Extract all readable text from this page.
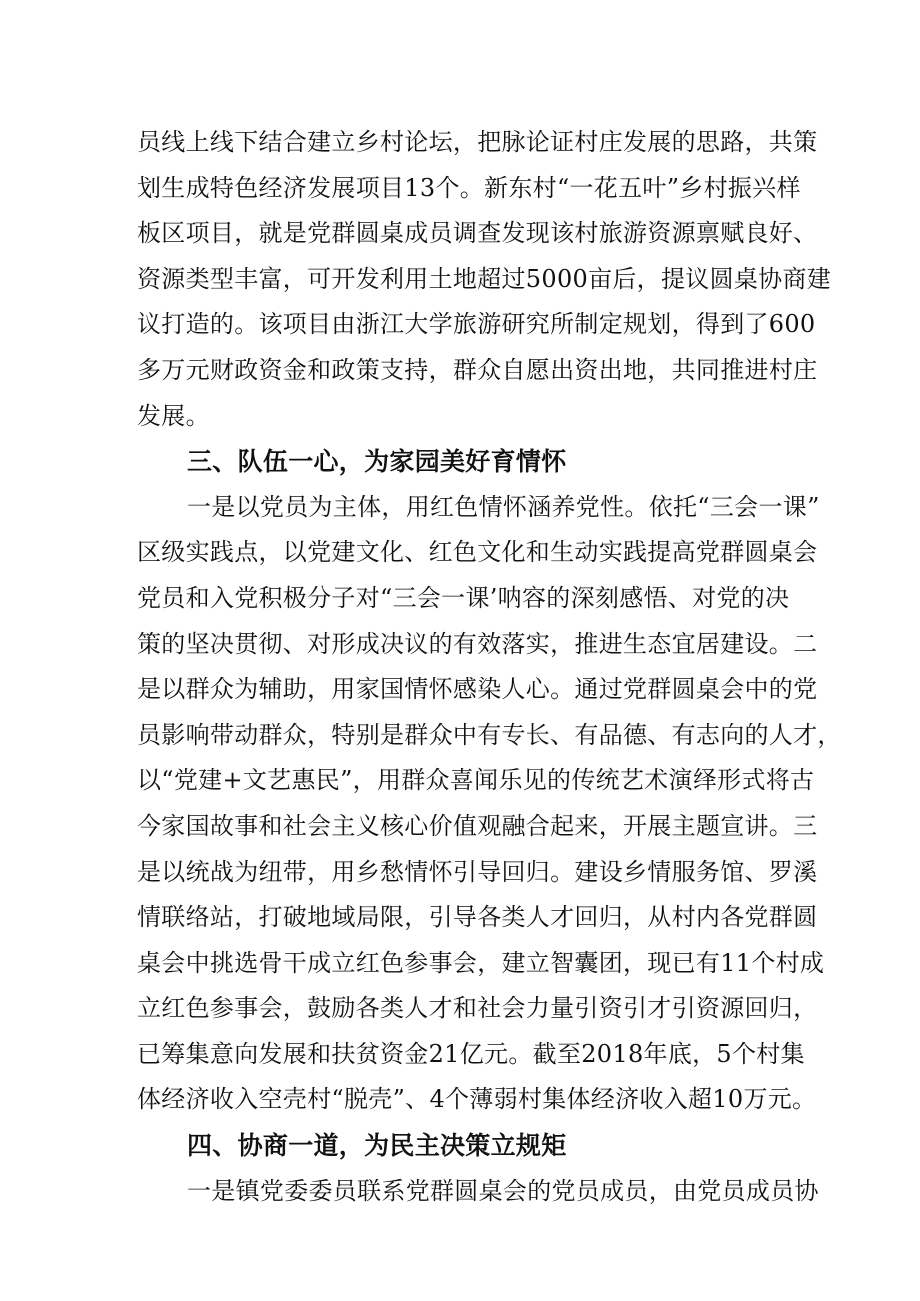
员线上线下结合建立乡村论坛，把脉论证村庄发展的思路，共策
划生成特色经济发展项目13个。新东村“一花五叶”乡村振兴样
板区项目，就是党群圆桌成员调查发现该村旅游资源禀赋良好、
资源类型丰富，可开发利用土地超过5000亩后，提议圆桌协商建
议打造的。该项目由浙江大学旅游研究所制定规划，得到了600
多万元财政资金和政策支持，群众自愿出资出地，共同推进村庄
发展。
三、队伍一心，为家园美好育情怀
一是以党员为主体，用红色情怀涵养党性。依托“三会一课”
区级实践点，以党建文化、红色文化和生动实践提高党群圆桌会
党员和入党积极分子对“三会一课’呐容的深刻感悟、对党的决
策的坚决贯彻、对形成决议的有效落实，推进生态宜居建设。二
是以群众为辅助，用家国情怀感染人心。通过党群圆桌会中的党
员影响带动群众，特别是群众中有专长、有品德、有志向的人才，
以“党建+文艺惠民”，用群众喜闻乐见的传统艺术演绎形式将古
今家国故事和社会主义核心价值观融合起来，开展主题宣讲。三
是以统战为纽带，用乡愁情怀引导回归。建设乡情服务馆、罗溪
情联络站，打破地域局限，引导各类人才回归，从村内各党群圆
桌会中挑选骨干成立红色参事会，建立智囊团，现已有11个村成
立红色参事会，鼓励各类人才和社会力量引资引才引资源回归，
已筹集意向发展和扶贫资金21亿元。截至2018年底，5个村集
体经济收入空壳村“脱壳”、4个薄弱村集体经济收入超10万元。
四、协商一道，为民主决策立规矩
一是镇党委委员联系党群圆桌会的党员成员，由党员成员协
